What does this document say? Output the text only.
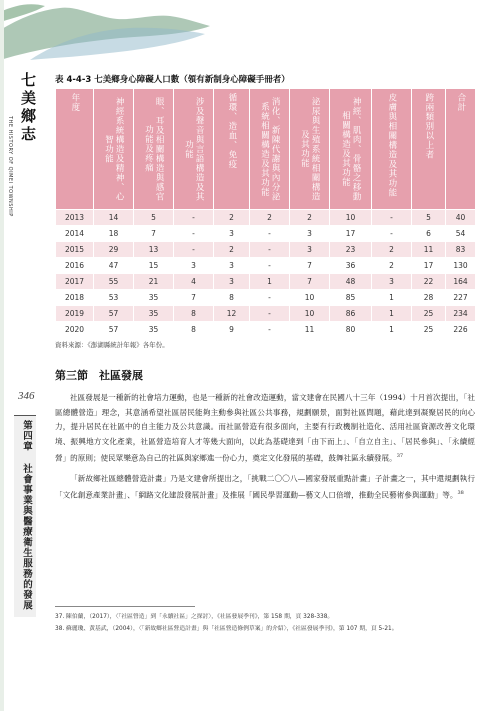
七美鄉志
THE HISTORY OF QIMEI TOWNSHIP
346
第四章 社會事業與醫療衛生服務的發展
表 4-4-3 七美鄉身心障礙人口數（領有新制身心障礙手冊者）
年度	神經系統構造及精神、心智功能	眼、耳及相關構造與感官功能及疼痛	涉及聲音與言語構造及其功能	循環、造血、免疫	消化、新陳代謝與內分泌系統相關構造及其功能	泌尿與生殖系統相關構造及其功能	神經、肌肉、骨骼之移動相關構造及其功能	皮膚與相關構造及其功能	跨兩類別以上者	合計

2013	14	5	-	2	2	2	10	-	5	40
2014	18	7	-	3	-	3	17	-	6	54
2015	29	13	-	2	-	3	23	2	11	83
2016	47	15	3	3	-	7	36	2	17	130
2017	55	21	4	3	1	7	48	3	22	164
2018	53	35	7	8	-	10	85	1	28	227
2019	57	35	8	12	-	10	86	1	25	234
2020	57	35	8	9	-	11	80	1	25	226
資料來源：《澎湖縣統計年報》各年份。
第三節　社區發展

社區發展是一種新的社會培力運動，也是一種新的社會改造運動，當文建會在民國八十三年（1994）十月首次提出，「社區總體營造」理念，其意涵希望社區居民能夠主動參與社區公共事務，規劃願景，面對社區問題，藉此達到凝聚居民的向心力，提升居民在社區中的自主能力及公共意識。而社區營造有很多面向，主要有行政機制社造化、活用社區資源改善文化環境、振興地方文化產業，社區營造培育人才等幾大面向，以此為基礎達到「由下而上」、「自立自主」、「居民參與」、「永續經營」的原則；使民眾樂意為自己的社區與家鄉進一份心力，奠定文化發展的基礎，鼓舞社區永續發展。$^{37}$

「新故鄉社區總體營造計畫」乃是文建會所提出之，「挑戰二〇〇八—國家發展重點計畫」子計畫之一，其中還規劃執行「文化創意產業計畫」、「網路文化建設發展計畫」及推展「國民學習運動—藝文人口倍增，推動全民藝術參與運動」等。$^{38}$

37. 陳伯蘭，（2017），〈「社區營造」到「永續社區」之探討〉，《社區發展季刊》，第 158 期，頁 328-338。
38. 蘇麗瓊、黃基武，（2004），〈「新故鄉社區營造計畫」與「社區營造條例草案」的介紹〉，《社區發展季刊》，第 107 期，頁 5-21。
